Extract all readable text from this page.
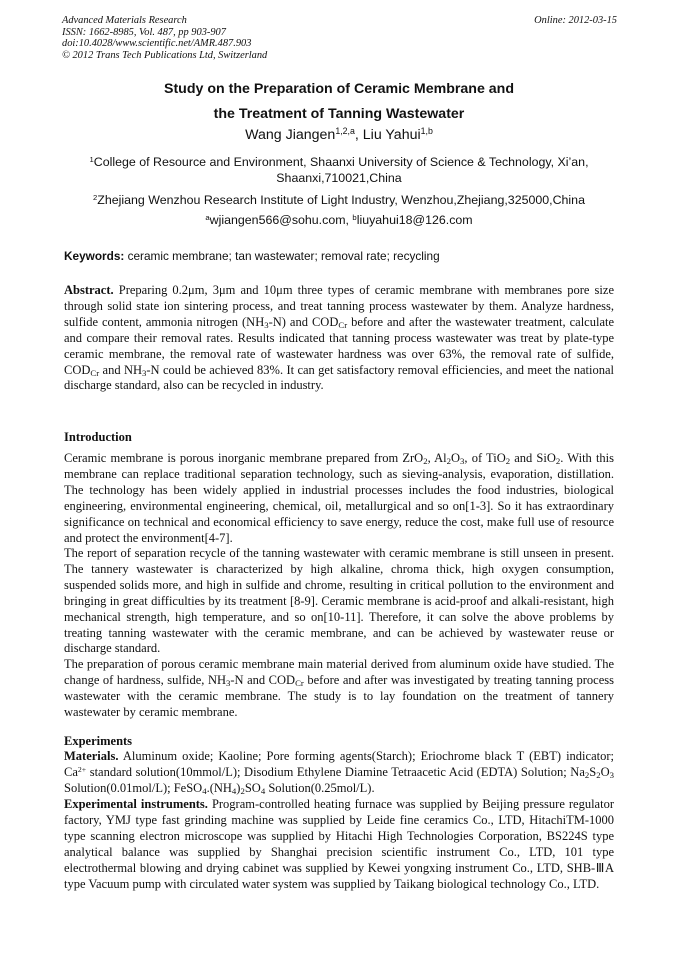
Advanced Materials Research
ISSN: 1662-8985, Vol. 487, pp 903-907
doi:10.4028/www.scientific.net/AMR.487.903
© 2012 Trans Tech Publications Ltd, Switzerland
Online: 2012-03-15
Study on the Preparation of Ceramic Membrane and
the Treatment of Tanning Wastewater
Wang Jiangen$^{1,2,a}$, Liu Yahui$^{1,b}$
$^1$College of Resource and Environment, Shaanxi University of Science & Technology, Xi’an, Shaanxi,710021,China
$^2$Zhejiang Wenzhou Research Institute of Light Industry, Wenzhou,Zhejiang,325000,China
$^a$wjiangen566@sohu.com, $^b$liuyahui18@126.com
Keywords: ceramic membrane; tan wastewater; removal rate; recycling

Abstract. Preparing 0.2μm, 3μm and 10μm three types of ceramic membrane with membranes pore size through solid state ion sintering process, and treat tanning process wastewater by them. Analyze hardness, sulfide content, ammonia nitrogen $(NH_3-N)$ and $COD_{Cr}$ before and after the wastewater treatment, calculate and compare their removal rates. Results indicated that tanning process wastewater was treat by plate-type ceramic membrane, the removal rate of wastewater hardness was over 63%, the removal rate of sulfide, $COD_{Cr}$ and $NH_3-N$ could be achieved 83%. It can get satisfactory removal efficiencies, and meet the national discharge standard, also can be recycled in industry.

Introduction

Ceramic membrane is porous inorganic membrane prepared from ZrO$_2$, $Al_2O_3$, of TiO$_2$ and SiO$_2$. With this membrane can replace traditional separation technology, such as sieving-analysis, evaporation, distillation. The technology has been widely applied in industrial processes includes the food industries, biological engineering, environmental engineering, chemical, oil, metallurgical and so on[1-3]. So it has extraordinary significance on technical and economical efficiency to save energy, reduce the cost, make full use of resource and protect the environment[4-7].

The report of separation recycle of the tanning wastewater with ceramic membrane is still unseen in present. The tannery wastewater is characterized by high alkaline, chroma thick, high oxygen consumption, suspended solids more, and high in sulfide and chrome, resulting in critical pollution to the environment and bringing in great difficulties by its treatment [8-9]. Ceramic membrane is acid-proof and alkali-resistant, high mechanical strength, high temperature, and so on[10-11]. Therefore, it can solve the above problems by treating tanning wastewater with the ceramic membrane, and can be achieved by wastewater reuse or discharge standard.

The preparation of porous ceramic membrane main material derived from aluminum oxide have studied. The change of hardness, sulfide, $NH_3-N$ and $COD_{Cr}$ before and after was investigated by treating tanning process wastewater with the ceramic membrane. The study is to lay foundation on the treatment of tannery wastewater by ceramic membrane.

Experiments

Materials. Aluminum oxide; Kaoline; Pore forming agents(Starch); Eriochrome black T (EBT) indicator; $Ca^{2+}$ standard solution(10mmol/L); Disodium Ethylene Diamine Tetraacetic Acid (EDTA) Solution; $Na_2S_2O_3$ Solution(0.01mol/L); $FeSO_4.(NH_4)_2SO_4$ Solution(0.25mol/L).

Experimental instruments. Program-controlled heating furnace was supplied by Beijing pressure regulator factory, YMJ type fast grinding machine was supplied by Leide fine ceramics Co., LTD, HitachiTM-1000 type scanning electron microscope was supplied by Hitachi High Technologies Corporation, BS224S type analytical balance was supplied by Shanghai precision scientific instrument Co., LTD, 101 type electrothermal blowing and drying cabinet was supplied by Kewei yongxing instrument Co., LTD, SHB-ⅢA type Vacuum pump with circulated water system was supplied by Taikang biological technology Co., LTD.
